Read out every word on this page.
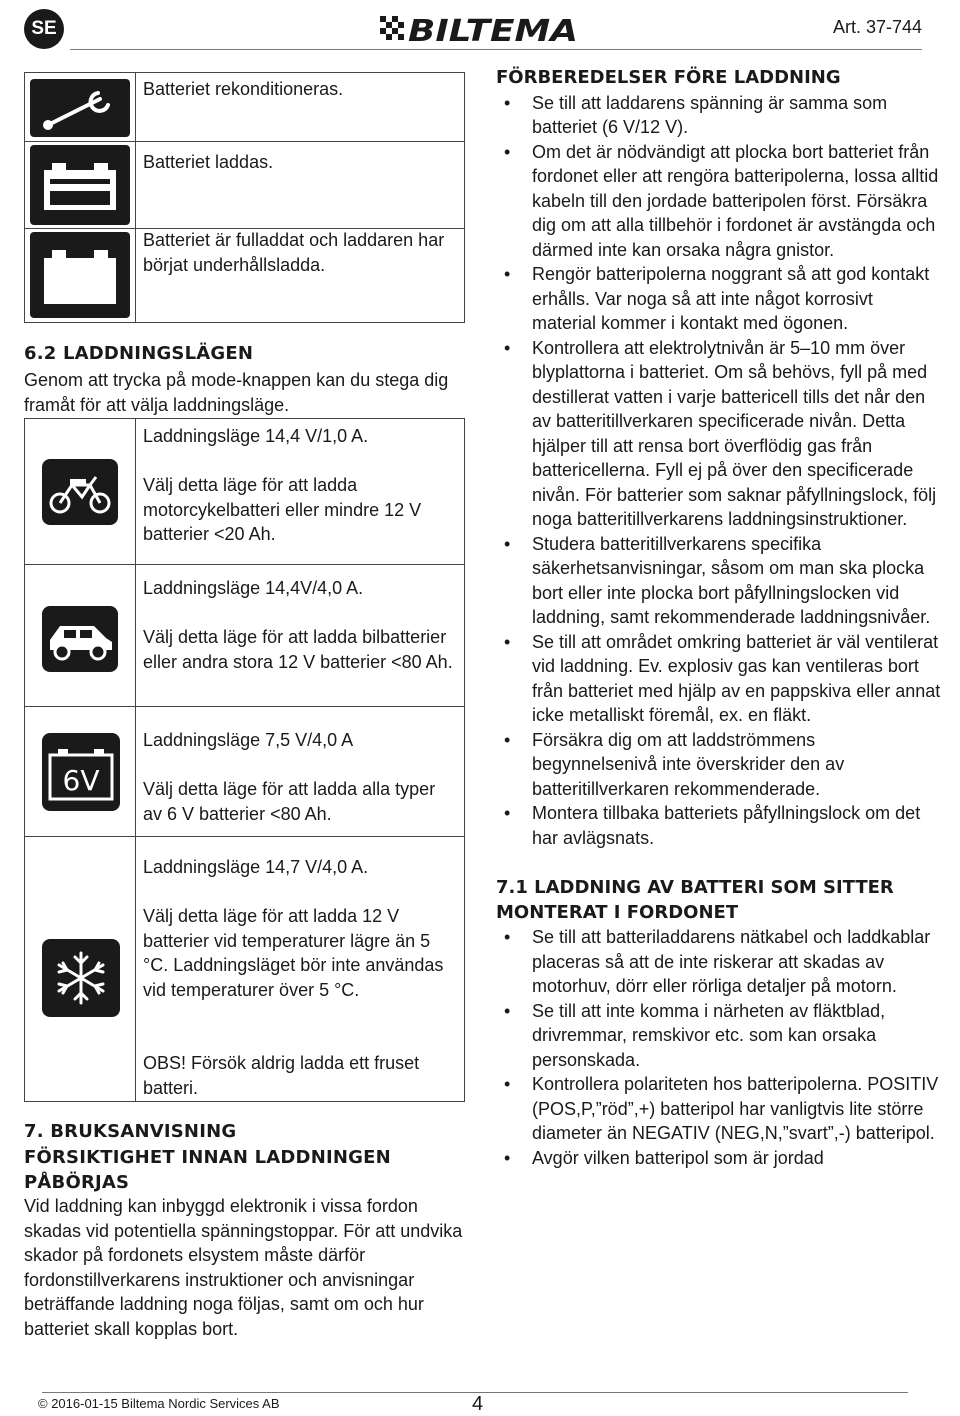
SE	BILTEMA	Art. 37-744
Batteriet rekonditioneras.
Batteriet laddas.
Batteriet är fulladdat och laddaren har börjat underhållsladda.
6.2 LADDNINGSLÄGEN
Genom att trycka på mode-knappen kan du stega dig framåt för att välja laddningsläge.
Laddningsläge 14,4 V/1,0 A.
Välj detta läge för att ladda motorcykelbatteri eller mindre 12 V batterier <20 Ah.
Laddningsläge 14,4V/4,0 A.
Välj detta läge för att ladda bilbatterier eller andra stora 12 V batterier <80 Ah.
6V
Laddningsläge 7,5 V/4,0 A
Välj detta läge för att ladda alla typer av 6 V batterier <80 Ah.
Laddningsläge 14,7 V/4,0 A.
Välj detta läge för att ladda 12 V batterier vid temperaturer lägre än 5 °C. Laddningsläget bör inte användas vid temperaturer över 5 °C.
OBS! Försök aldrig ladda ett fruset batteri.
7. BRUKSANVISNING
FÖRSIKTIGHET INNAN LADDNINGEN PÅBÖRJAS
Vid laddning kan inbyggd elektronik i vissa fordon skadas vid potentiella spänningstoppar. För att undvika skador på fordonets elsystem måste därför fordonstillverkarens instruktioner och anvisningar beträffande laddning noga följas, samt om och hur batteriet skall kopplas bort.

FÖRBEREDELSER FÖRE LADDNING

• Se till att laddarens spänning är samma som batteriet (6 V/12 V).
• Om det är nödvändigt att plocka bort batteriet från fordonet eller att rengöra batteripolerna, lossa alltid kabeln till den jordade batteripolen först. Försäkra dig om att alla tillbehör i fordonet är avstängda och därmed inte kan orsaka några gnistor.
• Rengör batteripolerna noggrant så att god kontakt erhålls. Var noga så att inte något korrosivt material kommer i kontakt med ögonen.
• Kontrollera att elektrolytnivån är 5–10 mm över blyplattorna i batteriet. Om så behövs, fyll på med destillerat vatten i varje battericell tills det når den av batteritillverkaren specificerade nivån. Detta hjälper till att rensa bort överflödig gas från battericellerna. Fyll ej på över den specificerade nivån. För batterier som saknar påfyllningslock, följ noga batteritillverkarens laddningsinstruktioner.
• Studera batteritillverkarens specifika säkerhetsanvisningar, såsom om man ska plocka bort eller inte plocka bort påfyllningslocken vid laddning, samt rekommenderade laddningsnivåer.
• Se till att området omkring batteriet är väl ventilerat vid laddning. Ev. explosiv gas kan ventileras bort från batteriet med hjälp av en pappskiva eller annat icke metalliskt föremål, ex. en fläkt.
• Försäkra dig om att laddströmmens begynnelsenivå inte överskrider den av batteritillverkaren rekommenderade.
• Montera tillbaka batteriets påfyllningslock om det har avlägsnats.

7.1 LADDNING AV BATTERI SOM SITTER MONTERAT I FORDONET

• Se till att batteriladdarens nätkabel och laddkablar placeras så att de inte riskerar att skadas av motorhuv, dörr eller rörliga detaljer på motorn.
• Se till att inte komma i närheten av fläktblad, drivremmar, remskivor etc. som kan orsaka personskada.
• Kontrollera polariteten hos batteripolerna. POSITIV (POS,P,”röd”,+) batteripol har vanligtvis lite större diameter än NEGATIV (NEG,N,”svart”,-) batteripol.
• Avgör vilken batteripol som är jordad
© 2016-01-15 Biltema Nordic Services AB	4
